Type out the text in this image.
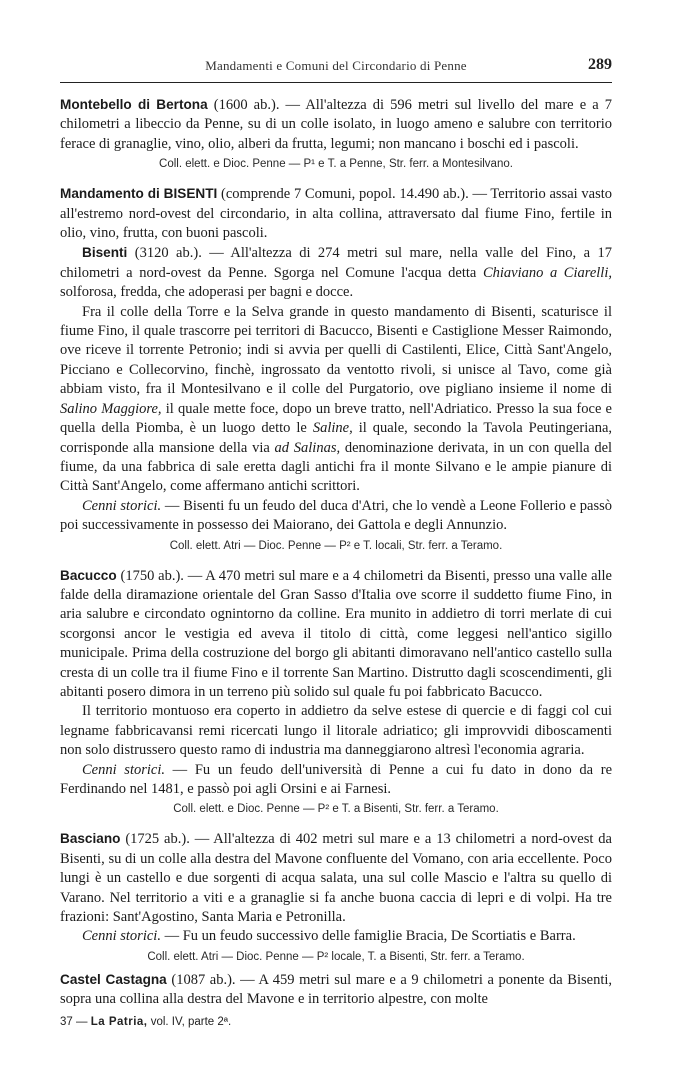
Mandamenti e Comuni del Circondario di Penne	289

Montebello di Bertona (1600 ab.). — All'altezza di 596 metri sul livello del mare e a 7 chilometri a libeccio da Penne, su di un colle isolato, in luogo ameno e salubre con territorio ferace di granaglie, vino, olio, alberi da frutta, legumi; non mancano i boschi ed i pascoli.

Coll. elett. e Dioc. Penne — P¹ e T. a Penne, Str. ferr. a Montesilvano.

Mandamento di BISENTI (comprende 7 Comuni, popol. 14.490 ab.). — Territorio assai vasto all'estremo nord-ovest del circondario, in alta collina, attraversato dal fiume Fino, fertile in olio, vino, frutta, con buoni pascoli.

Bisenti (3120 ab.). — All'altezza di 274 metri sul mare, nella valle del Fino, a 17 chilometri a nord-ovest da Penne. Sgorga nel Comune l'acqua detta Chiaviano a Ciarelli, solforosa, fredda, che adoperasi per bagni e docce.

Fra il colle della Torre e la Selva grande in questo mandamento di Bisenti, scaturisce il fiume Fino, il quale trascorre pei territori di Bacucco, Bisenti e Castiglione Messer Raimondo, ove riceve il torrente Petronio; indi si avvia per quelli di Castilenti, Elice, Città Sant'Angelo, Picciano e Collecorvino, finchè, ingrossato da ventotto rivoli, si unisce al Tavo, come già abbiam visto, fra il Montesilvano e il colle del Purgatorio, ove pigliano insieme il nome di Salino Maggiore, il quale mette foce, dopo un breve tratto, nell'Adriatico. Presso la sua foce e quella della Piomba, è un luogo detto le Saline, il quale, secondo la Tavola Peutingeriana, corrisponde alla mansione della via ad Salinas, denominazione derivata, in un con quella del fiume, da una fabbrica di sale eretta dagli antichi fra il monte Silvano e le ampie pianure di Città Sant'Angelo, come affermano antichi scrittori.

Cenni storici. — Bisenti fu un feudo del duca d'Atri, che lo vendè a Leone Follerio e passò poi successivamente in possesso dei Maiorano, dei Gattola e degli Annunzio.

Coll. elett. Atri — Dioc. Penne — P² e T. locali, Str. ferr. a Teramo.

Bacucco (1750 ab.). — A 470 metri sul mare e a 4 chilometri da Bisenti, presso una valle alle falde della diramazione orientale del Gran Sasso d'Italia ove scorre il suddetto fiume Fino, in aria salubre e circondato ognintorno da colline. Era munito in addietro di torri merlate di cui scorgonsi ancor le vestigia ed aveva il titolo di città, come leggesi nell'antico sigillo municipale. Prima della costruzione del borgo gli abitanti dimoravano nell'antico castello sulla cresta di un colle tra il fiume Fino e il torrente San Martino. Distrutto dagli scoscendimenti, gli abitanti posero dimora in un terreno più solido sul quale fu poi fabbricato Bacucco.

Il territorio montuoso era coperto in addietro da selve estese di quercie e di faggi col cui legname fabbricavansi remi ricercati lungo il litorale adriatico; gli improvvidi diboscamenti non solo distrussero questo ramo di industria ma danneggiarono altresì l'economia agraria.

Cenni storici. — Fu un feudo dell'università di Penne a cui fu dato in dono da re Ferdinando nel 1481, e passò poi agli Orsini e ai Farnesi.

Coll. elett. e Dioc. Penne — P² e T. a Bisenti, Str. ferr. a Teramo.

Basciano (1725 ab.). — All'altezza di 402 metri sul mare e a 13 chilometri a nord-ovest da Bisenti, su di un colle alla destra del Mavone confluente del Vomano, con aria eccellente. Poco lungi è un castello e due sorgenti di acqua salata, una sul colle Mascio e l'altra su quello di Varano. Nel territorio a viti e a granaglie si fa anche buona caccia di lepri e di volpi. Ha tre frazioni: Sant'Agostino, Santa Maria e Petronilla.

Cenni storici. — Fu un feudo successivo delle famiglie Bracia, De Scortiatis e Barra.

Coll. elett. Atri — Dioc. Penne — P² locale, T. a Bisenti, Str. ferr. a Teramo.

Castel Castagna (1087 ab.). — A 459 metri sul mare e a 9 chilometri a ponente da Bisenti, sopra una collina alla destra del Mavone e in territorio alpestre, con molte

37 — La Patria, vol. IV, parte 2ª.
